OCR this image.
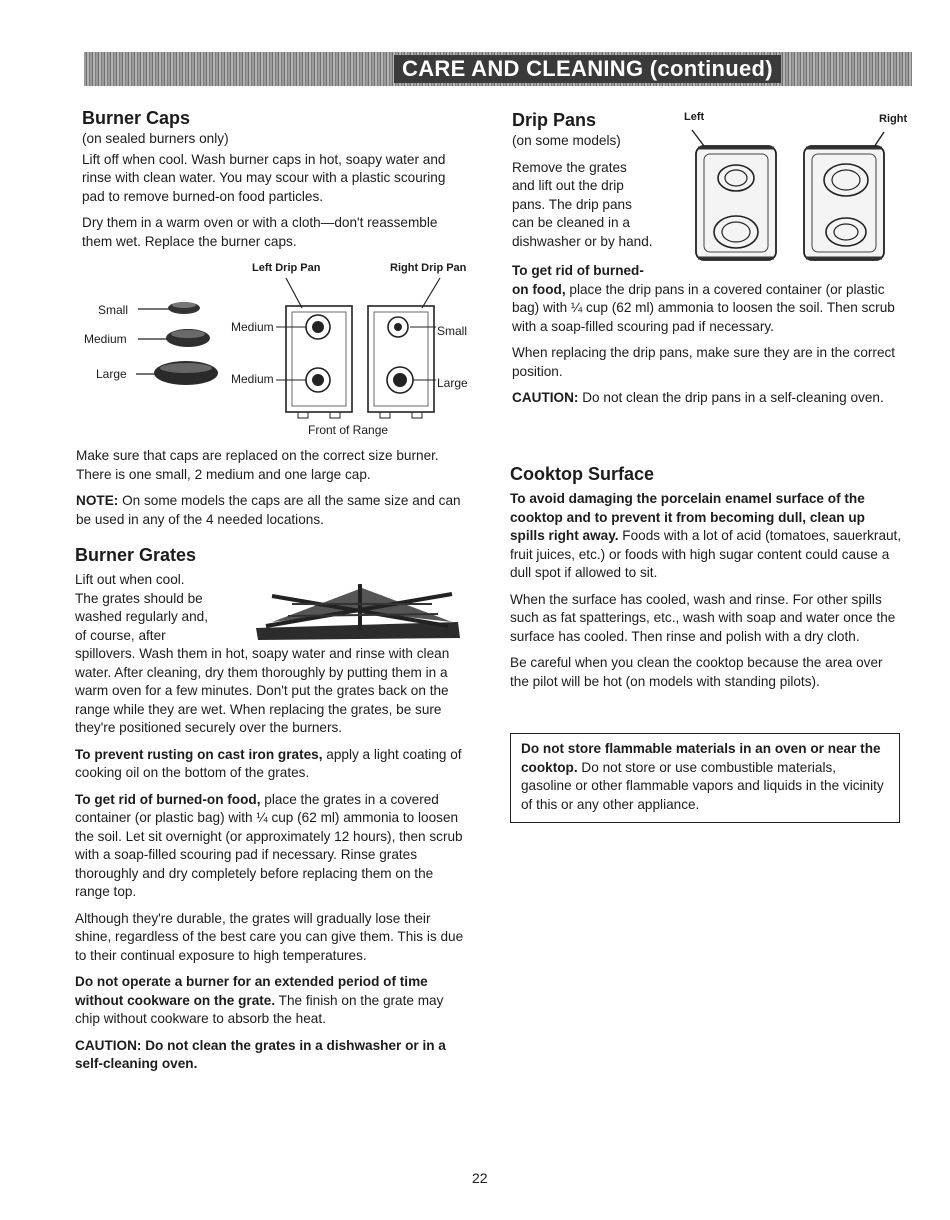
CARE AND CLEANING (continued)
Burner Caps

(on sealed burners only)

Lift off when cool. Wash burner caps in hot, soapy water and rinse with clean water. You may scour with a plastic scouring pad to remove burned-on food particles.

Dry them in a warm oven or with a cloth—don't reassemble them wet. Replace the burner caps.

Left Drip Pan	Right Drip Pan
Small
Medium
Large
Medium
Medium
Small
Large
Front of Range

Make sure that caps are replaced on the correct size burner. There is one small, 2 medium and one large cap.

NOTE: On some models the caps are all the same size and can be used in any of the 4 needed locations.

Burner Grates
Lift out when cool.
The grates should be
washed regularly and,
of course, after

spillovers. Wash them in hot, soapy water and rinse with clean water. After cleaning, dry them thoroughly by putting them in a warm oven for a few minutes. Don't put the grates back on the range while they are wet. When replacing the grates, be sure they're positioned securely over the burners.

To prevent rusting on cast iron grates, apply a light coating of cooking oil on the bottom of the grates.

To get rid of burned-on food, place the grates in a covered container (or plastic bag) with ¼ cup (62 ml) ammonia to loosen the soil. Let sit overnight (or approximately 12 hours), then scrub with a soap-filled scouring pad if necessary. Rinse grates thoroughly and dry completely before replacing them on the range top.

Although they're durable, the grates will gradually lose their shine, regardless of the best care you can give them. This is due to their continual exposure to high temperatures.

Do not operate a burner for an extended period of time without cookware on the grate. The finish on the grate may chip without cookware to absorb the heat.

CAUTION: Do not clean the grates in a dishwasher or in a self-cleaning oven.

Drip Pans
(on some models)
Remove the grates
and lift out the drip
pans. The drip pans
can be cleaned in a
dishwasher or by hand.
Left	Right

To get rid of burned-
on food, place the drip pans in a covered container (or plastic bag) with ¼ cup (62 ml) ammonia to loosen the soil. Then scrub with a soap-filled scouring pad if necessary.

When replacing the drip pans, make sure they are in the correct position.

CAUTION: Do not clean the drip pans in a self-cleaning oven.

Cooktop Surface

To avoid damaging the porcelain enamel surface of the cooktop and to prevent it from becoming dull, clean up spills right away. Foods with a lot of acid (tomatoes, sauerkraut, fruit juices, etc.) or foods with high sugar content could cause a dull spot if allowed to sit.

When the surface has cooled, wash and rinse. For other spills such as fat spatterings, etc., wash with soap and water once the surface has cooled. Then rinse and polish with a dry cloth.

Be careful when you clean the cooktop because the area over the pilot will be hot (on models with standing pilots).

Do not store flammable materials in an oven or near the cooktop. Do not store or use combustible materials, gasoline or other flammable vapors and liquids in the vicinity of this or any other appliance.
22
